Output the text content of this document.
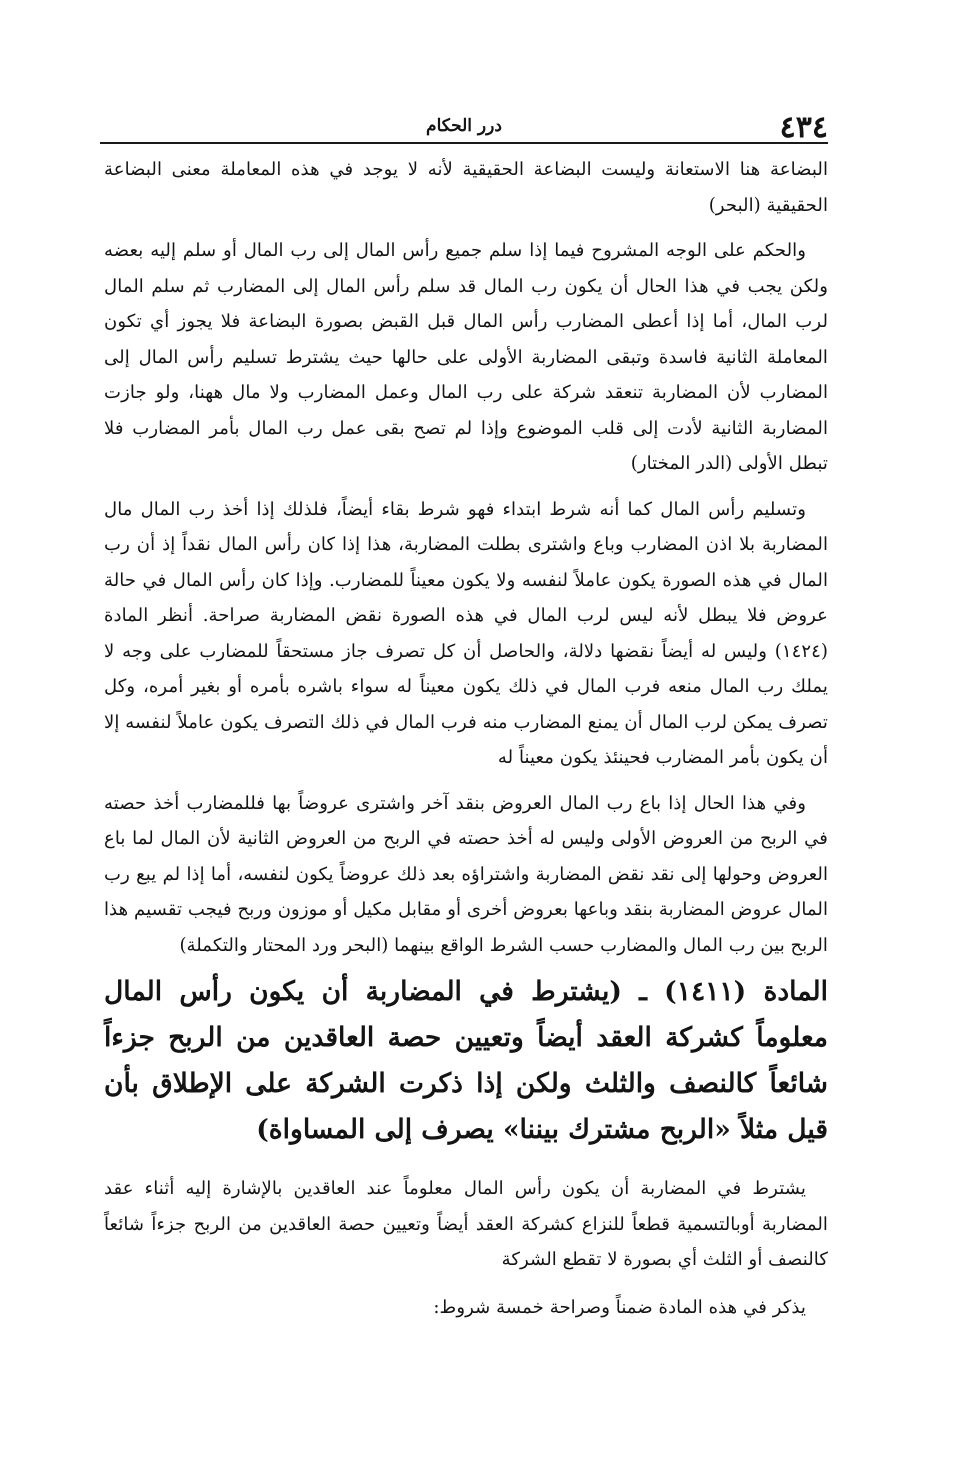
٤٣٤
درر الحكام

البضاعة هنا الاستعانة وليست البضاعة الحقيقية لأنه لا يوجد في هذه المعاملة معنى البضاعة الحقيقية (البحر)

والحكم على الوجه المشروح فيما إذا سلم جميع رأس المال إلى رب المال أو سلم إليه بعضه ولكن يجب في هذا الحال أن يكون رب المال قد سلم رأس المال إلى المضارب ثم سلم المال لرب المال، أما إذا أعطى المضارب رأس المال قبل القبض بصورة البضاعة فلا يجوز أي تكون المعاملة الثانية فاسدة وتبقى المضاربة الأولى على حالها حيث يشترط تسليم رأس المال إلى المضارب لأن المضاربة تنعقد شركة على رب المال وعمل المضارب ولا مال ههنا، ولو جازت المضاربة الثانية لأدت إلى قلب الموضوع وإذا لم تصح بقى عمل رب المال بأمر المضارب فلا تبطل الأولى (الدر المختار)

وتسليم رأس المال كما أنه شرط ابتداء فهو شرط بقاء أيضاً، فلذلك إذا أخذ رب المال مال المضاربة بلا اذن المضارب وباع واشترى بطلت المضاربة، هذا إذا كان رأس المال نقداً إذ أن رب المال في هذه الصورة يكون عاملاً لنفسه ولا يكون معيناً للمضارب. وإذا كان رأس المال في حالة عروض فلا يبطل لأنه ليس لرب المال في هذه الصورة نقض المضاربة صراحة. أنظر المادة (١٤٢٤) وليس له أيضاً نقضها دلالة، والحاصل أن كل تصرف جاز مستحقاً للمضارب على وجه لا يملك رب المال منعه فرب المال في ذلك يكون معيناً له سواء باشره بأمره أو بغير أمره، وكل تصرف يمكن لرب المال أن يمنع المضارب منه فرب المال في ذلك التصرف يكون عاملاً لنفسه إلا أن يكون بأمر المضارب فحينئذ يكون معيناً له

وفي هذا الحال إذا باع رب المال العروض بنقد آخر واشترى عروضاً بها فللمضارب أخذ حصته في الربح من العروض الأولى وليس له أخذ حصته في الربح من العروض الثانية لأن المال لما باع العروض وحولها إلى نقد نقض المضاربة واشتراؤه بعد ذلك عروضاً يكون لنفسه، أما إذا لم يبع رب المال عروض المضاربة بنقد وباعها بعروض أخرى أو مقابل مكيل أو موزون وربح فيجب تقسيم هذا الربح بين رب المال والمضارب حسب الشرط الواقع بينهما (البحر ورد المحتار والتكملة)

المادة (١٤١١) ـ (يشترط في المضاربة أن يكون رأس المال معلوماً كشركة العقد أيضاً وتعيين حصة العاقدين من الربح جزءاً شائعاً كالنصف والثلث ولكن إذا ذكرت الشركة على الإطلاق بأن قيل مثلاً «الربح مشترك بيننا» يصرف إلى المساواة)

يشترط في المضاربة أن يكون رأس المال معلوماً عند العاقدين بالإشارة إليه أثناء عقد المضاربة أوبالتسمية قطعاً للنزاع كشركة العقد أيضاً وتعيين حصة العاقدين من الربح جزءاً شائعاً كالنصف أو الثلث أي بصورة لا تقطع الشركة

يذكر في هذه المادة ضمناً وصراحة خمسة شروط:
